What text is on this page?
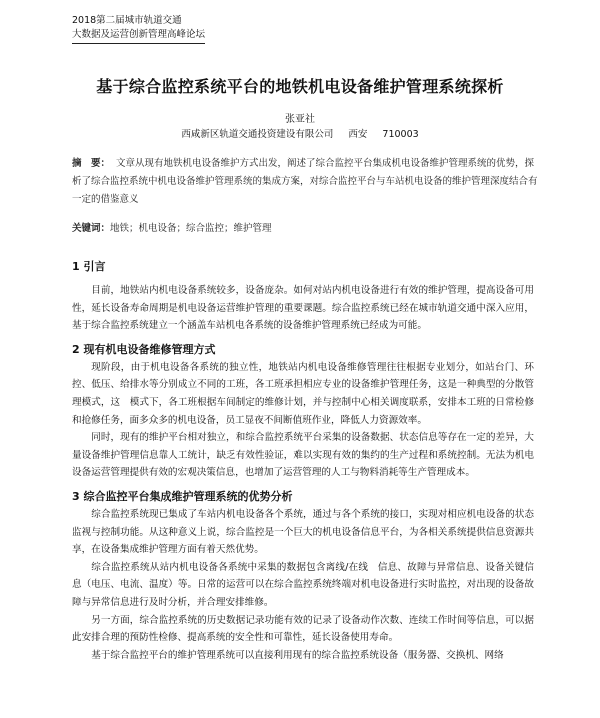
2018第二届城市轨道交通
大数据及运营创新管理高峰论坛
基于综合监控系统平台的地铁机电设备维护管理系统探析
张亚社
西咸新区轨道交通投资建设有限公司 西安 710003
摘　要： 文章从现有地铁机电设备维护方式出发，阐述了综合监控平台集成机电设备维护管理系统的优势，探析了综合监控系统中机电设备维护管理系统的集成方案，对综合监控平台与车站机电设备的维护管理深度结合有一定的借鉴意义
关键词：地铁；机电设备；综合监控；维护管理
1 引言

目前，地铁站内机电设备系统较多，设备庞杂。如何对站内机电设备进行有效的维护管理，提高设备可用性，延长设备寿命周期是机电设备运营维护管理的重要课题。综合监控系统已经在城市轨道交通中深入应用，基于综合监控系统建立一个涵盖车站机电各系统的设备维护管理系统已经成为可能。

2 现有机电设备维修管理方式

现阶段，由于机电设备各系统的独立性，地铁站内机电设备维修管理往往根据专业划分，如站台门、环控、低压、给排水等分别成立不同的工班，各工班承担相应专业的设备维护管理任务，这是一种典型的分散管理模式，这　模式下，各工班根据车间制定的维修计划，并与控制中心相关调度联系，安排本工班的日常检修和抢修任务，面多众多的机电设备，员工显夜不间断值班作业，降低人力资源效率。

同时，现有的维护平台相对独立，和综合监控系统平台采集的设备数据、状态信息等存在一定的差异，大量设备维护管理信息靠人工统计，缺乏有效性验证，难以实现有效的集约的生产过程和系统控制。无法为机电设备运营管理提供有效的宏观决策信息，也增加了运营管理的人工与物料消耗等生产管理成本。

3 综合监控平台集成维护管理系统的优势分析

综合监控系统现已集成了车站内机电设备各个系统，通过与各个系统的接口，实现对相应机电设备的状态监视与控制功能。从这种意义上说，综合监控是一个巨大的机电设备信息平台，为各相关系统提供信息资源共享，在设备集成维护管理方面有着天然优势。

综合监控系统从站内机电设备各系统中采集的数据包含离线/在线　信息、故障与异常信息、设备关键信息（电压、电流、温度）等。日常的运营可以在综合监控系统终端对机电设备进行实时监控，对出现的设备故障与异常信息进行及时分析，并合理安排维修。

另一方面，综合监控系统的历史数据记录功能有效的记录了设备动作次数、连续工作时间等信息，可以据此安排合理的预防性检修、提高系统的安全性和可靠性，延长设备使用寿命。

基于综合监控平台的维护管理系统可以直接利用现有的综合监控系统设备（服务器、交换机、网络
